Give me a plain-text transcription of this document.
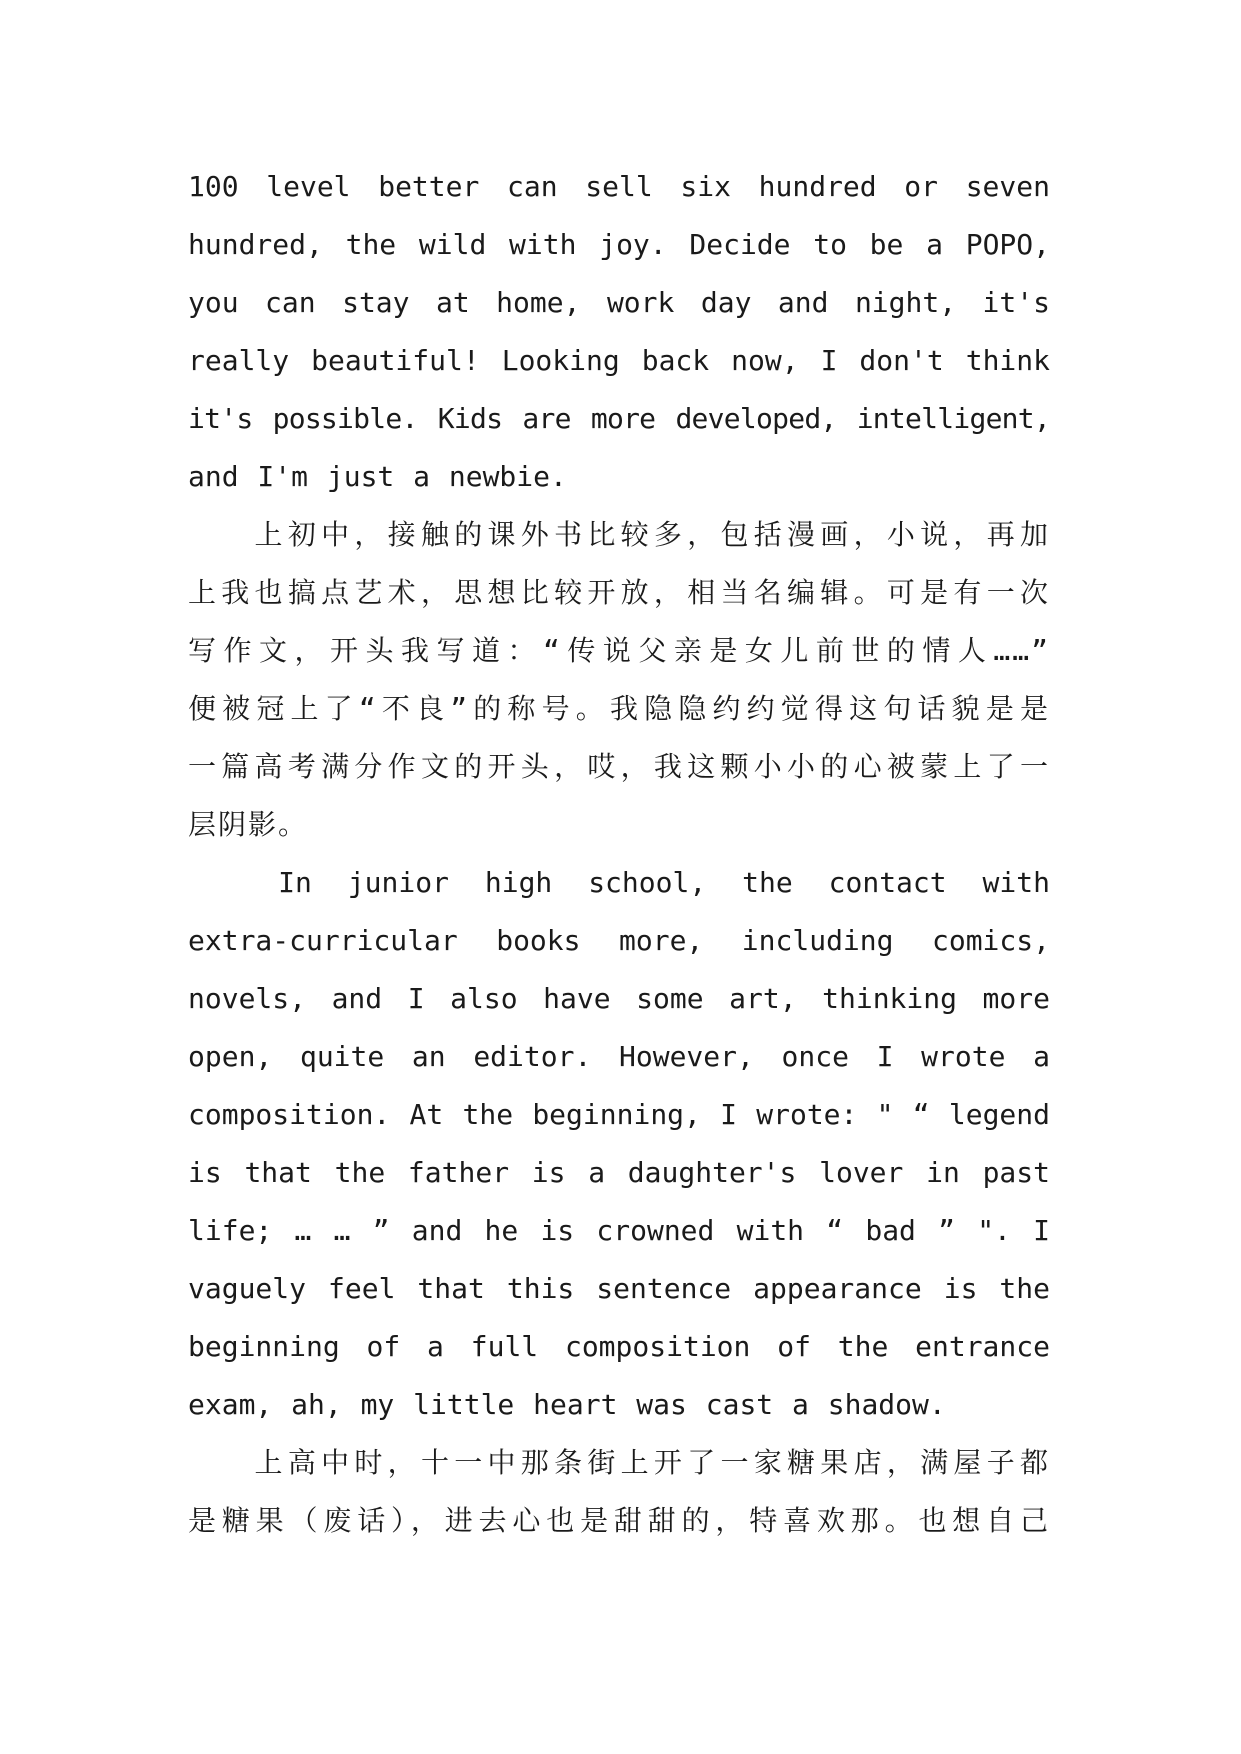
100 level better can sell six hundred or seven
hundred, the wild with joy. Decide to be a POPO,
you can stay at home, work day and night, it's
really beautiful! Looking back now, I don't think
it's possible. Kids are more developed, intelligent,
and I'm just a newbie.
　　上初中，接触的课外书比较多，包括漫画，小说，再加
上我也搞点艺术，思想比较开放，相当名编辑。可是有一次
写作文，开头我写道：“传说父亲是女儿前世的情人……”
便被冠上了“不良”的称号。我隐隐约约觉得这句话貌是是
一篇高考满分作文的开头，哎，我这颗小小的心被蒙上了一
层阴影。
　　In junior high school, the contact with
extra-curricular books more, including comics,
novels, and I also have some art, thinking more
open, quite an editor. However, once I wrote a
composition. At the beginning, I wrote: " “ legend
is that the father is a daughter's lover in past
life; … … ” and he is crowned with “ bad ” ". I
vaguely feel that this sentence appearance is the
beginning of a full composition of the entrance
exam, ah, my little heart was cast a shadow.
　　上高中时，十一中那条街上开了一家糖果店，满屋子都
是糖果（废话），进去心也是甜甜的，特喜欢那。也想自己
